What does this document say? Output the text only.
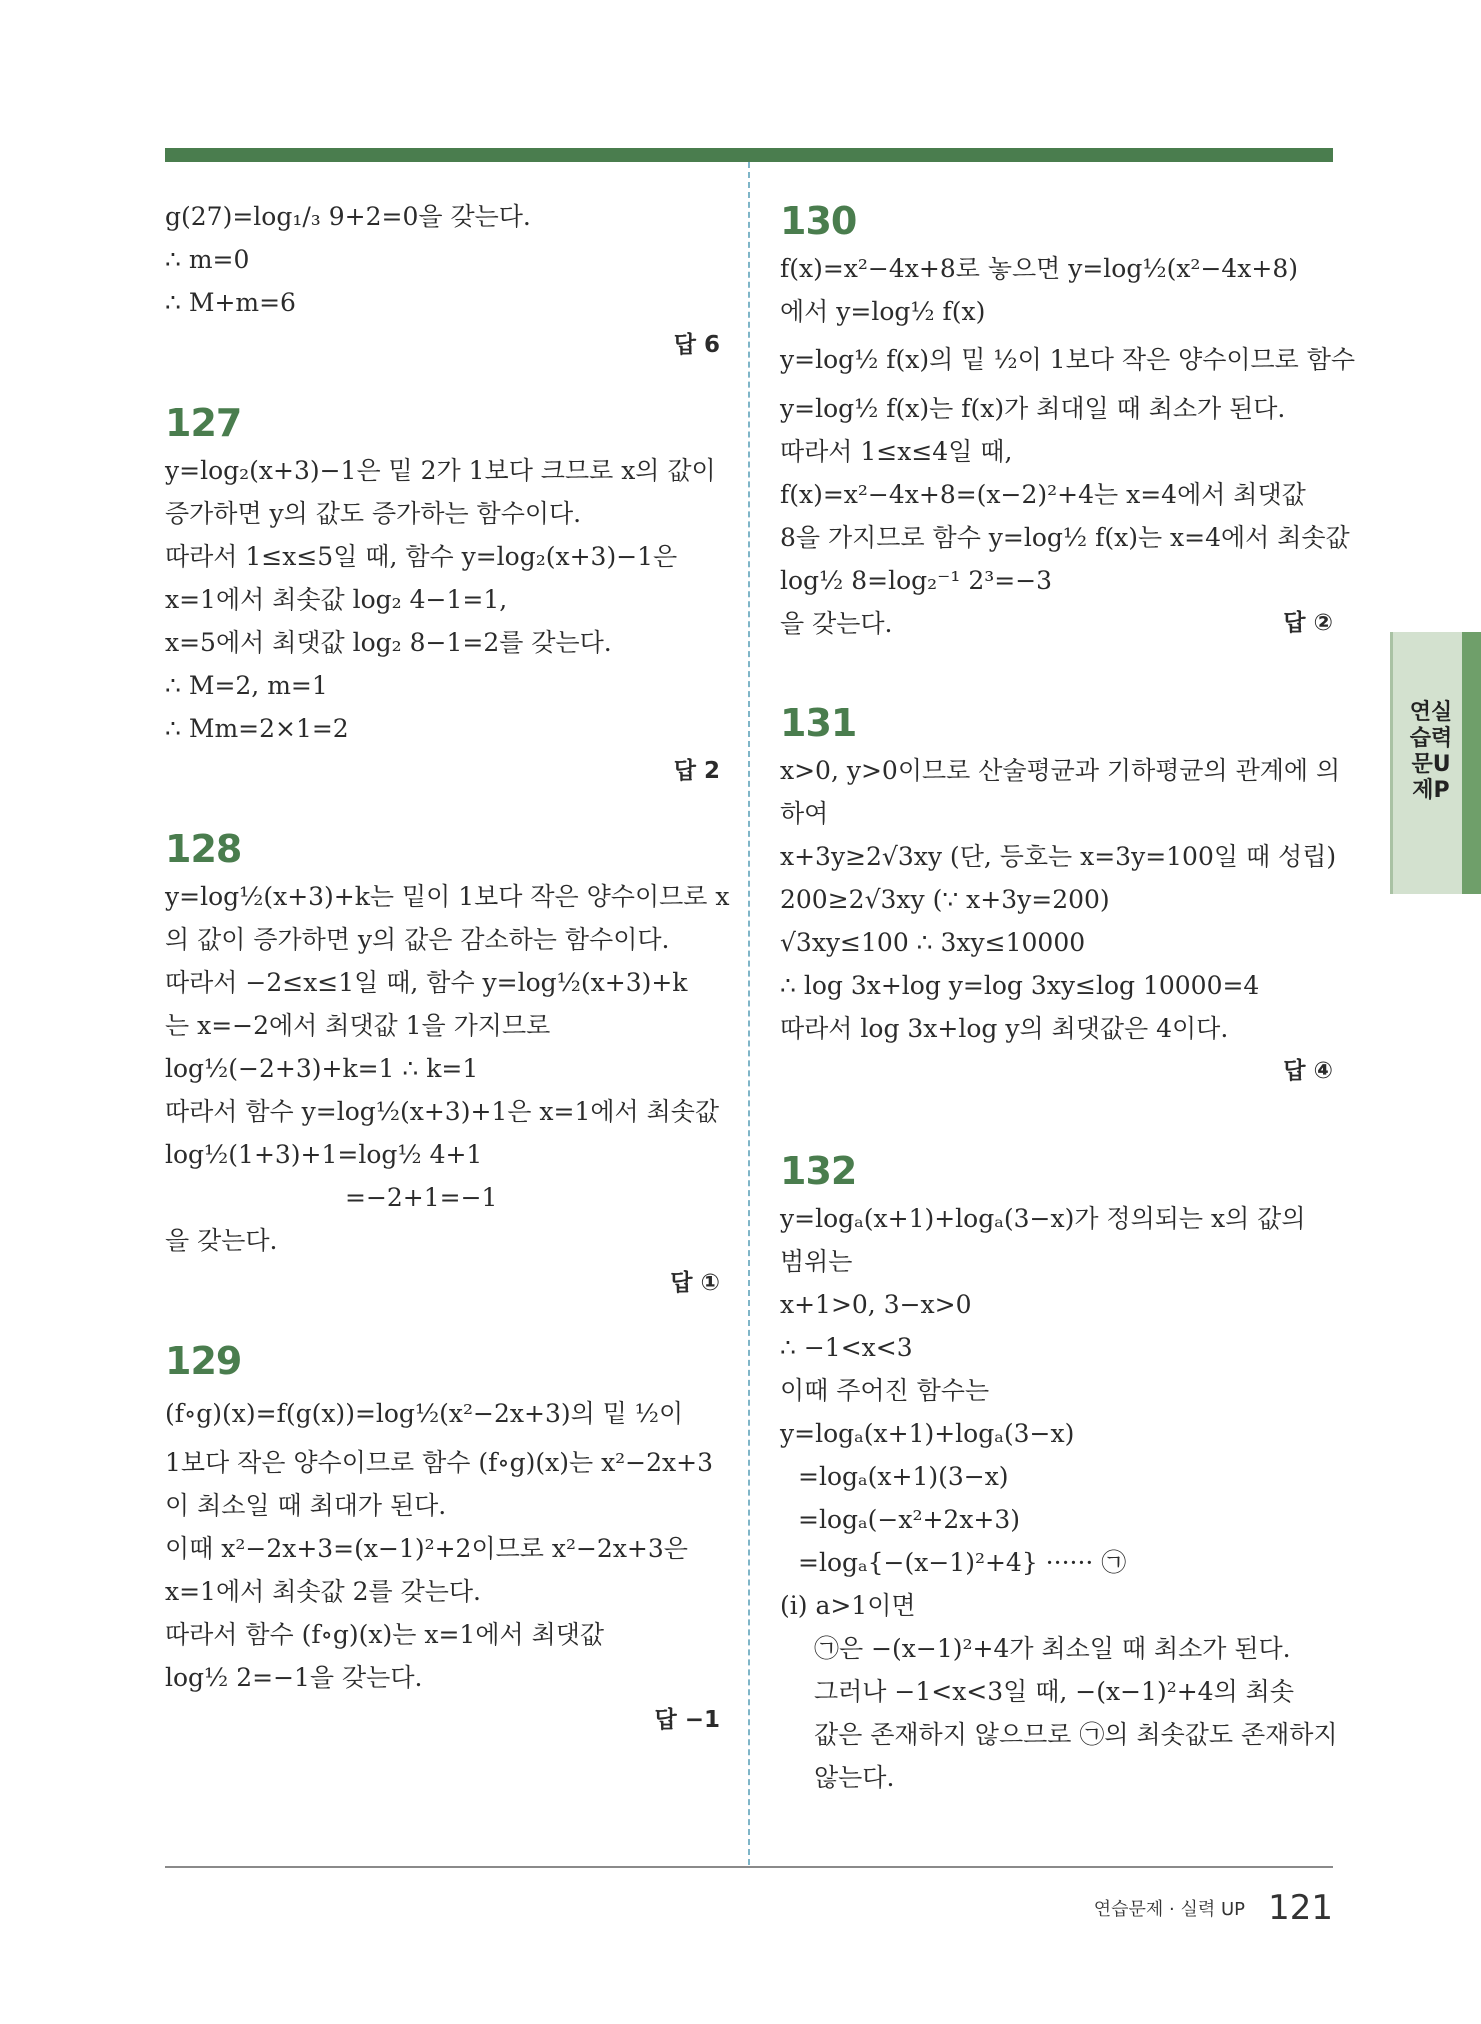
g(27)=log₁/₃ 9+2=0을 갖는다.
∴ m=0
∴ M+m=6
답 6
127
y=log₂(x+3)−1은 밑 2가 1보다 크므로 x의 값이
증가하면 y의 값도 증가하는 함수이다.
따라서 1≤x≤5일 때, 함수 y=log₂(x+3)−1은
x=1에서 최솟값 log₂ 4−1=1,
x=5에서 최댓값 log₂ 8−1=2를 갖는다.
∴ M=2, m=1
∴ Mm=2×1=2
답 2
128
y=log½(x+3)+k는 밑이 1보다 작은 양수이므로 x
의 값이 증가하면 y의 값은 감소하는 함수이다.
따라서 −2≤x≤1일 때, 함수 y=log½(x+3)+k
는 x=−2에서 최댓값 1을 가지므로
log½(−2+3)+k=1 ∴ k=1
따라서 함수 y=log½(x+3)+1은 x=1에서 최솟값
log½(1+3)+1=log½ 4+1
=−2+1=−1
을 갖는다.
답 ①
129
(f∘g)(x)=f(g(x))=log½(x²−2x+3)의 밑 ½이
1보다 작은 양수이므로 함수 (f∘g)(x)는 x²−2x+3
이 최소일 때 최대가 된다.
이때 x²−2x+3=(x−1)²+2이므로 x²−2x+3은
x=1에서 최솟값 2를 갖는다.
따라서 함수 (f∘g)(x)는 x=1에서 최댓값
log½ 2=−1을 갖는다.
답 −1
130
f(x)=x²−4x+8로 놓으면 y=log½(x²−4x+8)
에서 y=log½ f(x)
y=log½ f(x)의 밑 ½이 1보다 작은 양수이므로 함수
y=log½ f(x)는 f(x)가 최대일 때 최소가 된다.
따라서 1≤x≤4일 때,
f(x)=x²−4x+8=(x−2)²+4는 x=4에서 최댓값
8을 가지므로 함수 y=log½ f(x)는 x=4에서 최솟값
log½ 8=log₂⁻¹ 2³=−3
을 갖는다.	답 ②
131
x>0, y>0이므로 산술평균과 기하평균의 관계에 의
하여
x+3y≥2√3xy (단, 등호는 x=3y=100일 때 성립)
200≥2√3xy (∵ x+3y=200)
√3xy≤100 ∴ 3xy≤10000
∴ log 3x+log y=log 3xy≤log 10000=4
따라서 log 3x+log y의 최댓값은 4이다.
답 ④
132
y=logₐ(x+1)+logₐ(3−x)가 정의되는 x의 값의
범위는
x+1>0, 3−x>0
∴ −1<x<3
이때 주어진 함수는
y=logₐ(x+1)+logₐ(3−x)
=logₐ(x+1)(3−x)
=logₐ(−x²+2x+3)
=logₐ{−(x−1)²+4} ······ ㉠
(i) a>1이면
㉠은 −(x−1)²+4가 최소일 때 최소가 된다.
그러나 −1<x<3일 때, −(x−1)²+4의 최솟
값은 존재하지 않으므로 ㉠의 최솟값도 존재하지
않는다.
연실
습력
문U
제P
연습문제 · 실력 UP 121
